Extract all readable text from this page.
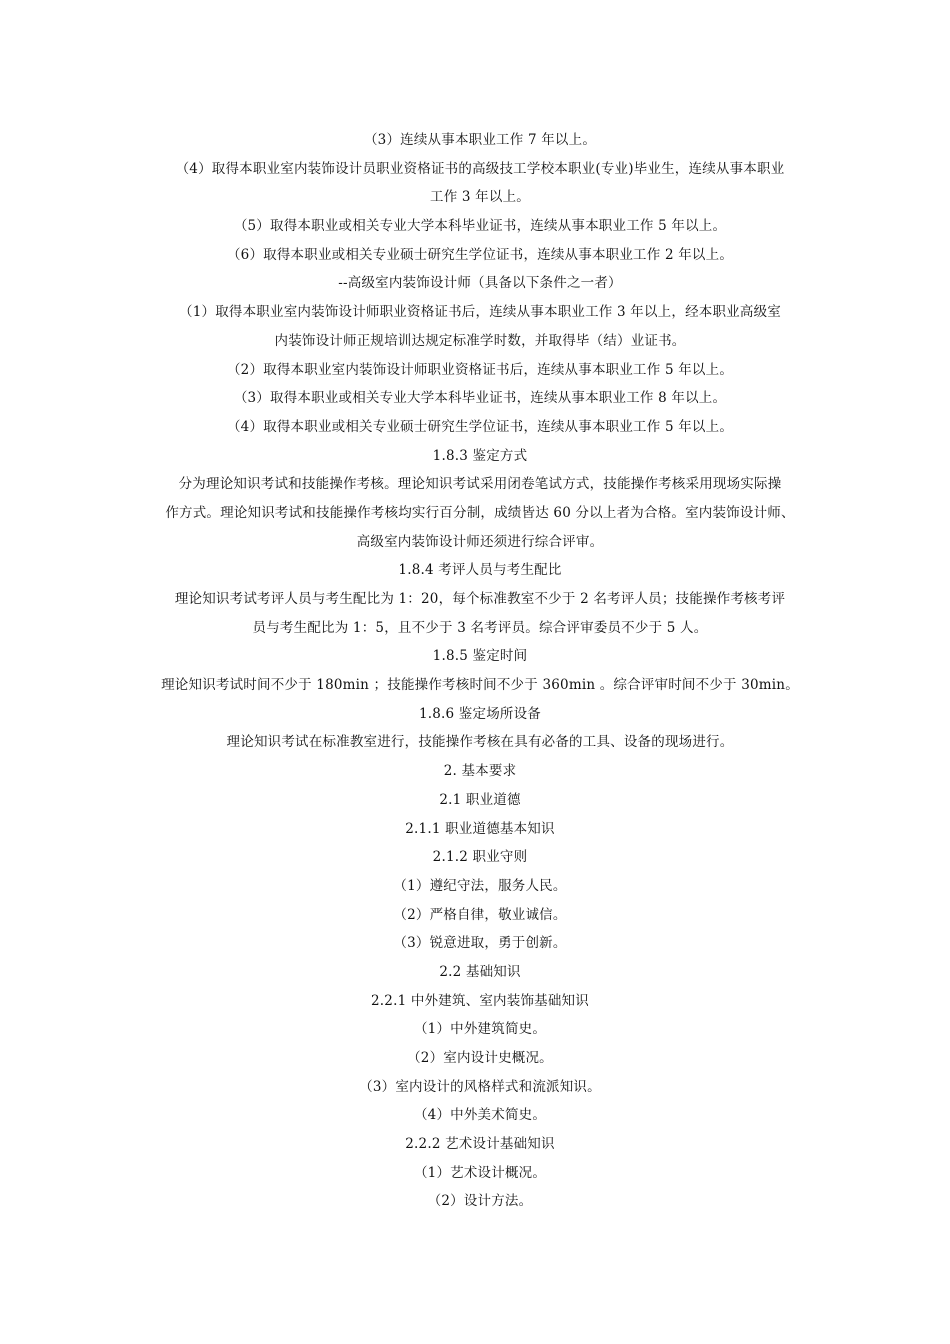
（3）连续从事本职业工作 7 年以上。
（4）取得本职业室内装饰设计员职业资格证书的高级技工学校本职业(专业)毕业生，连续从事本职业
工作 3 年以上。
（5）取得本职业或相关专业大学本科毕业证书，连续从事本职业工作 5 年以上。
（6）取得本职业或相关专业硕士研究生学位证书，连续从事本职业工作 2 年以上。
--高级室内装饰设计师（具备以下条件之一者）
（1）取得本职业室内装饰设计师职业资格证书后，连续从事本职业工作 3 年以上，经本职业高级室
内装饰设计师正规培训达规定标准学时数，并取得毕（结）业证书。
（2）取得本职业室内装饰设计师职业资格证书后，连续从事本职业工作 5 年以上。
（3）取得本职业或相关专业大学本科毕业证书，连续从事本职业工作 8 年以上。
（4）取得本职业或相关专业硕士研究生学位证书，连续从事本职业工作 5 年以上。
1.8.3 鉴定方式
分为理论知识考试和技能操作考核。理论知识考试采用闭卷笔试方式，技能操作考核采用现场实际操
作方式。理论知识考试和技能操作考核均实行百分制，成绩皆达 60 分以上者为合格。室内装饰设计师、
高级室内装饰设计师还须进行综合评审。
1.8.4 考评人员与考生配比
理论知识考试考评人员与考生配比为 1：20，每个标准教室不少于 2 名考评人员；技能操作考核考评
员与考生配比为 1：5，且不少于 3 名考评员。综合评审委员不少于 5 人。
1.8.5 鉴定时间
理论知识考试时间不少于 180min ；技能操作考核时间不少于 360min 。综合评审时间不少于 30min。
1.8.6 鉴定场所设备
理论知识考试在标准教室进行，技能操作考核在具有必备的工具、设备的现场进行。
2. 基本要求
2.1 职业道德
2.1.1 职业道德基本知识
2.1.2 职业守则
（1）遵纪守法，服务人民。
（2）严格自律，敬业诚信。
（3）锐意进取，勇于创新。
2.2 基础知识
2.2.1 中外建筑、室内装饰基础知识
（1）中外建筑简史。
（2）室内设计史概况。
（3）室内设计的风格样式和流派知识。
（4）中外美术简史。
2.2.2 艺术设计基础知识
（1）艺术设计概况。
（2）设计方法。
